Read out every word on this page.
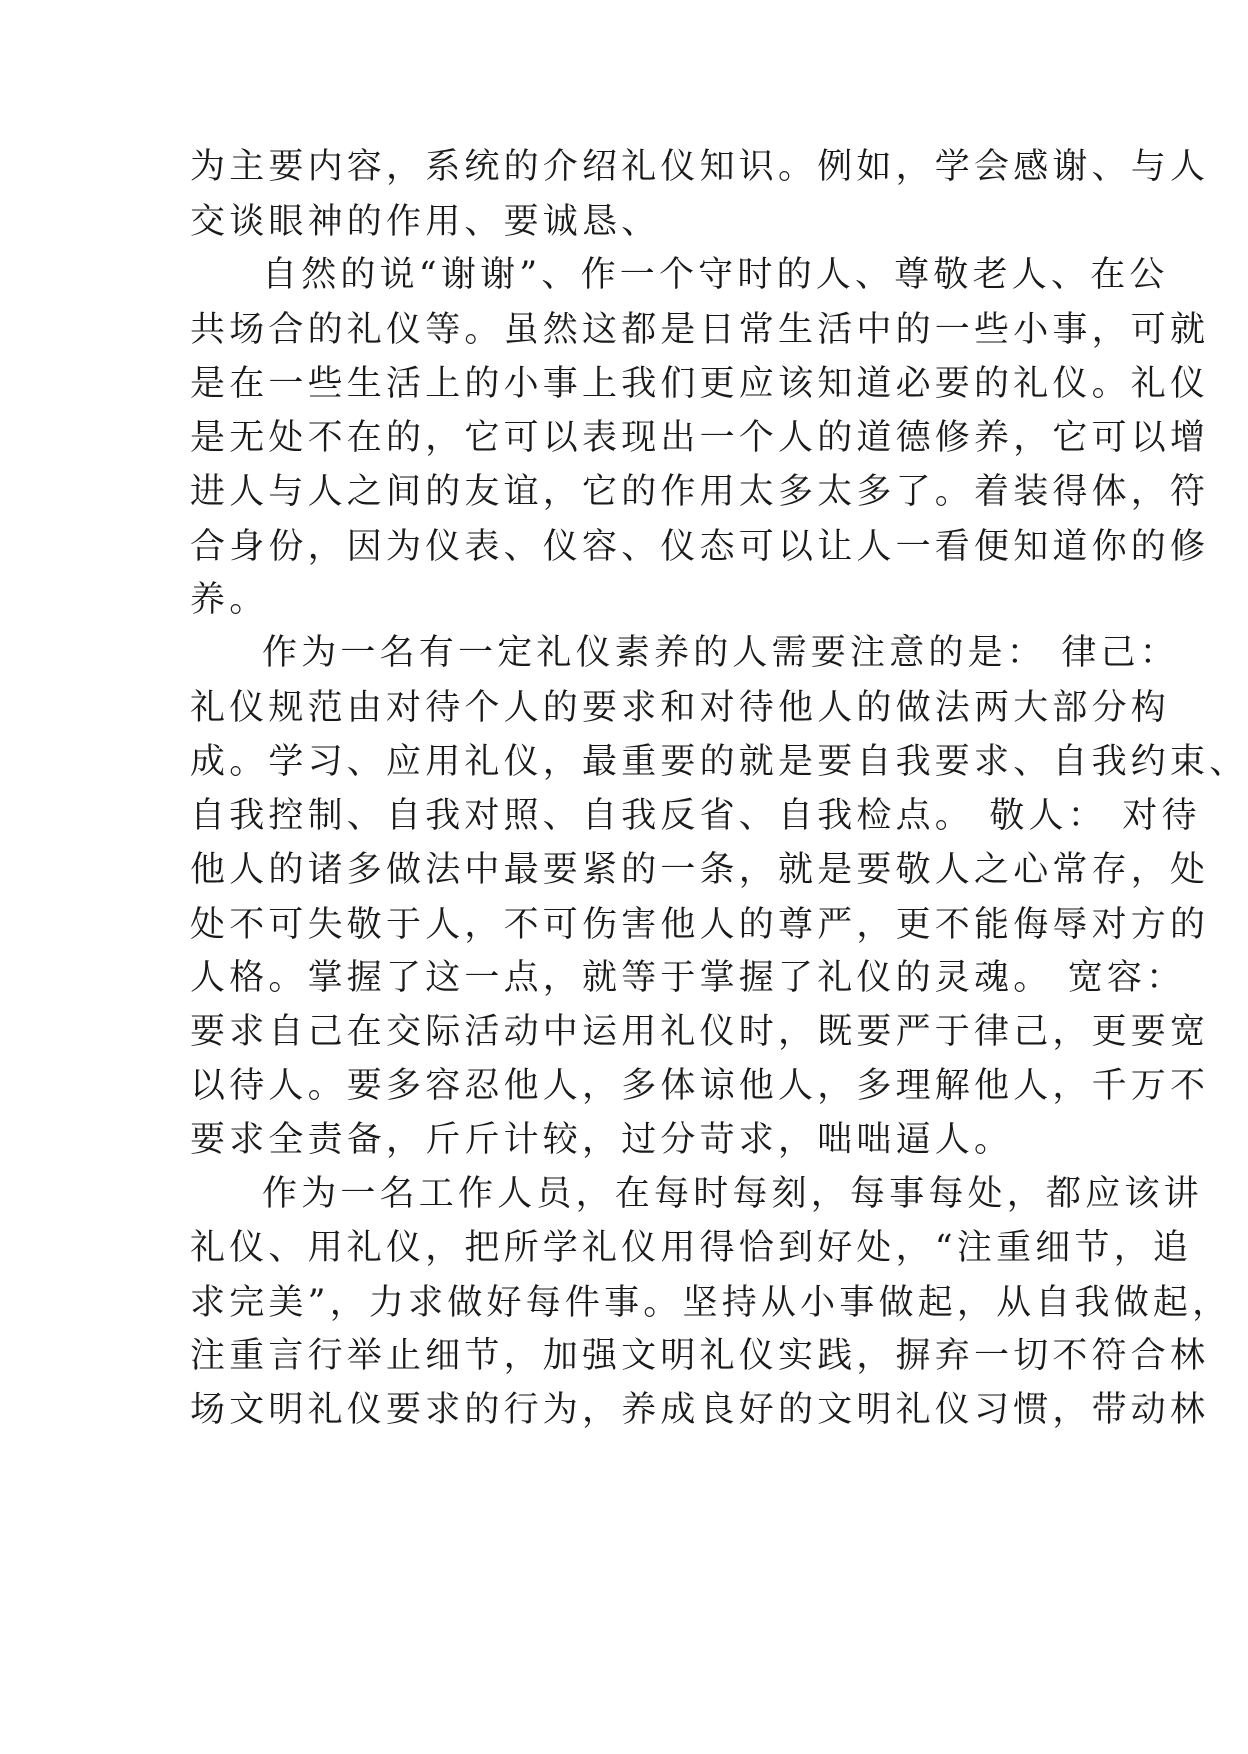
为主要内容，系统的介绍礼仪知识。例如，学会感谢、与人
交谈眼神的作用、要诚恳、
自然的说“谢谢”、作一个守时的人、尊敬老人、在公
共场合的礼仪等。虽然这都是日常生活中的一些小事，可就
是在一些生活上的小事上我们更应该知道必要的礼仪。礼仪
是无处不在的，它可以表现出一个人的道德修养，它可以增
进人与人之间的友谊，它的作用太多太多了。着装得体，符
合身份，因为仪表、仪容、仪态可以让人一看便知道你的修
养。
作为一名有一定礼仪素养的人需要注意的是： 律己：
礼仪规范由对待个人的要求和对待他人的做法两大部分构
成。学习、应用礼仪，最重要的就是要自我要求、自我约束、
自我控制、自我对照、自我反省、自我检点。 敬人： 对待
他人的诸多做法中最要紧的一条，就是要敬人之心常存，处
处不可失敬于人，不可伤害他人的尊严，更不能侮辱对方的
人格。掌握了这一点，就等于掌握了礼仪的灵魂。 宽容：
要求自己在交际活动中运用礼仪时，既要严于律己，更要宽
以待人。要多容忍他人，多体谅他人，多理解他人，千万不
要求全责备，斤斤计较，过分苛求，咄咄逼人。
作为一名工作人员，在每时每刻，每事每处，都应该讲
礼仪、用礼仪，把所学礼仪用得恰到好处，“注重细节，追
求完美”，力求做好每件事。坚持从小事做起，从自我做起，
注重言行举止细节，加强文明礼仪实践，摒弃一切不符合林
场文明礼仪要求的行为，养成良好的文明礼仪习惯，带动林
